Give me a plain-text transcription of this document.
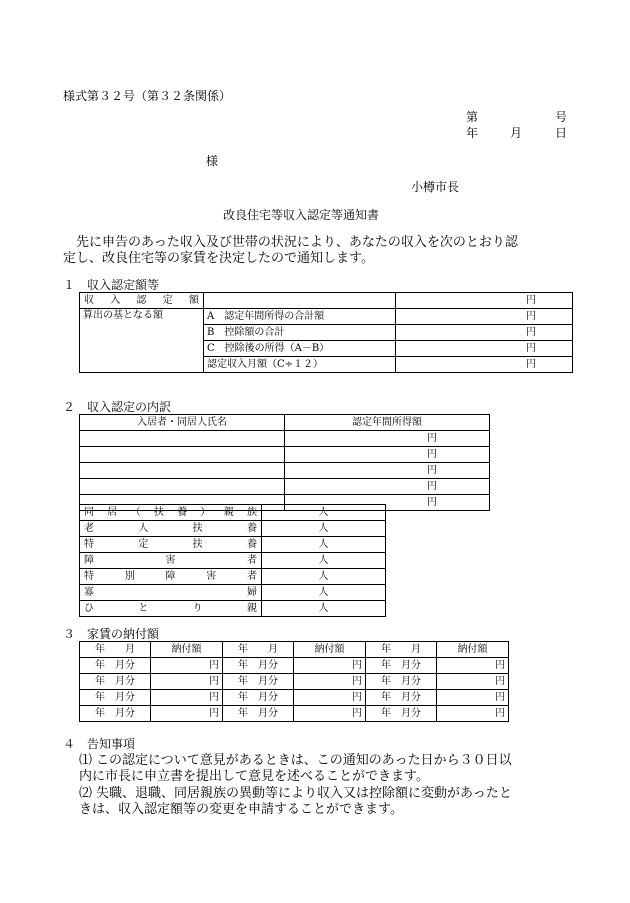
様式第３２号（第３２条関係）
第	号
年	月	日
様
小樽市長
改良住宅等収入認定等通知書
　先に申告のあった収入及び世帯の状況により、あなたの収入を次のとおり認
定し、改良住宅等の家賃を決定したので通知します。
１　収入認定額等
収入認定額		円
算出の基となる額	A　認定年間所得の合計額	円
	B　控除額の合計	円
	C　控除後の所得（A－B）	円
	認定収入月額（C÷１２）	円
２　収入認定の内訳
入居者・同居人氏名	認定年間所得額
	円
	円
	円
	円
	円
同居（扶養）親族	人
老人扶養	人
特定扶養	人
障害者	人
特別障害者	人
寡婦	人
ひとり親	人
３　家賃の納付額
年　　月	納付額	年　　月	納付額	年　　月	納付額
年　月分	円	年　月分	円	年　月分	円
年　月分	円	年　月分	円	年　月分	円
年　月分	円	年　月分	円	年　月分	円
年　月分	円	年　月分	円	年　月分	円
４　告知事項
⑴ この認定について意見があるときは、この通知のあった日から３０日以
内に市長に申立書を提出して意見を述べることができます。
⑵ 失職、退職、同居親族の異動等により収入又は控除額に変動があったと
きは、収入認定額等の変更を申請することができます。
